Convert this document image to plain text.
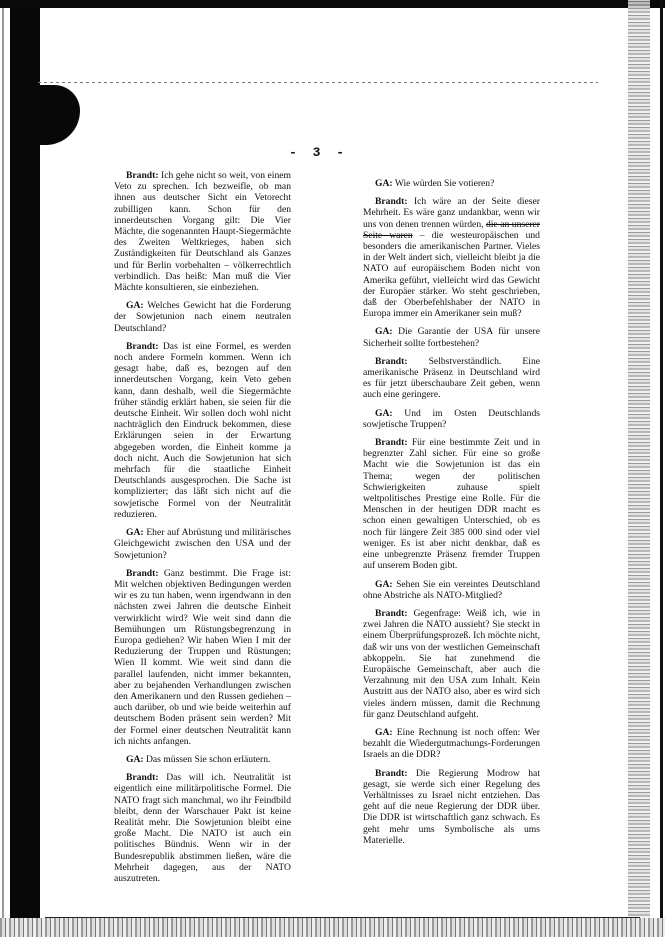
- 3 -

Brandt: Ich gehe nicht so weit, von einem Veto zu sprechen. Ich bezweifle, ob man ihnen aus deutscher Sicht ein Vetorecht zubilligen kann. Schon für den innerdeutschen Vorgang gilt: Die Vier Mächte, die sogenannten Haupt-Siegermächte des Zweiten Weltkrieges, haben sich Zuständigkeiten für Deutschland als Ganzes und für Berlin vorbehalten – völkerrechtlich verbindlich. Das heißt: Man muß die Vier Mächte konsultieren, sie einbeziehen.

GA: Welches Gewicht hat die Forderung der Sowjetunion nach einem neutralen Deutschland?

Brandt: Das ist eine Formel, es werden noch andere Formeln kommen. Wenn ich gesagt habe, daß es, bezogen auf den innerdeutschen Vorgang, kein Veto geben kann, dann deshalb, weil die Siegermächte früher ständig erklärt haben, sie seien für die deutsche Einheit. Wir sollen doch wohl nicht nachträglich den Eindruck bekommen, diese Erklärungen seien in der Erwartung abgegeben worden, die Einheit komme ja doch nicht. Auch die Sowjetunion hat sich mehrfach für die staatliche Einheit Deutschlands ausgesprochen. Die Sache ist komplizierter; das läßt sich nicht auf die sowjetische Formel von der Neutralität reduzieren.

GA: Eher auf Abrüstung und militärisches Gleichgewicht zwischen den USA und der Sowjetunion?

Brandt: Ganz bestimmt. Die Frage ist: Mit welchen objektiven Bedingungen werden wir es zu tun haben, wenn irgendwann in den nächsten zwei Jahren die deutsche Einheit verwirklicht wird? Wie weit sind dann die Bemühungen um Rüstungsbegrenzung in Europa gediehen? Wir haben Wien I mit der Reduzierung der Truppen und Rüstungen; Wien II kommt. Wie weit sind dann die parallel laufenden, nicht immer bekannten, aber zu bejahenden Verhandlungen zwischen den Amerikanern und den Russen gediehen – auch darüber, ob und wie beide weiterhin auf deutschem Boden präsent sein werden? Mit der Formel einer deutschen Neutralität kann ich nichts anfangen.

GA: Das müssen Sie schon erläutern.

Brandt: Das will ich. Neutralität ist eigentlich eine militärpolitische Formel. Die NATO fragt sich manchmal, wo ihr Feindbild bleibt, denn der Warschauer Pakt ist keine Realität mehr. Die Sowjetunion bleibt eine große Macht. Die NATO ist auch ein politisches Bündnis. Wenn wir in der Bundesrepublik abstimmen ließen, wäre die Mehrheit dagegen, aus der NATO auszutreten.

GA: Wie würden Sie votieren?

Brandt: Ich wäre an der Seite dieser Mehrheit. Es wäre ganz undankbar, wenn wir uns von denen trennen würden, die an unserer Seite waren – die westeuropäischen und besonders die amerikanischen Partner. Vieles in der Welt ändert sich, vielleicht bleibt ja die NATO auf europäischem Boden nicht von Amerika geführt, vielleicht wird das Gewicht der Europäer stärker. Wo steht geschrieben, daß der Oberbefehlshaber der NATO in Europa immer ein Amerikaner sein muß?

GA: Die Garantie der USA für unsere Sicherheit sollte fortbestehen?

Brandt: Selbstverständlich. Eine amerikanische Präsenz in Deutschland wird es für jetzt überschaubare Zeit geben, wenn auch eine geringere.

GA: Und im Osten Deutschlands sowjetische Truppen?

Brandt: Für eine bestimmte Zeit und in begrenzter Zahl sicher. Für eine so große Macht wie die Sowjetunion ist das ein Thema; wegen der politischen Schwierigkeiten zuhause spielt weltpolitisches Prestige eine Rolle. Für die Menschen in der heutigen DDR macht es schon einen gewaltigen Unterschied, ob es noch für längere Zeit 385 000 sind oder viel weniger. Es ist aber nicht denkbar, daß es eine unbegrenzte Präsenz fremder Truppen auf unserem Boden gibt.

GA: Sehen Sie ein vereintes Deutschland ohne Abstriche als NATO-Mitglied?

Brandt: Gegenfrage: Weiß ich, wie in zwei Jahren die NATO aussieht? Sie steckt in einem Überprüfungsprozeß. Ich möchte nicht, daß wir uns von der westlichen Gemeinschaft abkoppeln. Sie hat zunehmend die Europäische Gemeinschaft, aber auch die Verzahnung mit den USA zum Inhalt. Kein Austritt aus der NATO also, aber es wird sich vieles ändern müssen, damit die Rechnung für ganz Deutschland aufgeht.

GA: Eine Rechnung ist noch offen: Wer bezahlt die Wiedergutmachungs-Forderungen Israels an die DDR?

Brandt: Die Regierung Modrow hat gesagt, sie werde sich einer Regelung des Verhältnisses zu Israel nicht entziehen. Das geht auf die neue Regierung der DDR über. Die DDR ist wirtschaftlich ganz schwach. Es geht mehr ums Symbolische als ums Materielle.
